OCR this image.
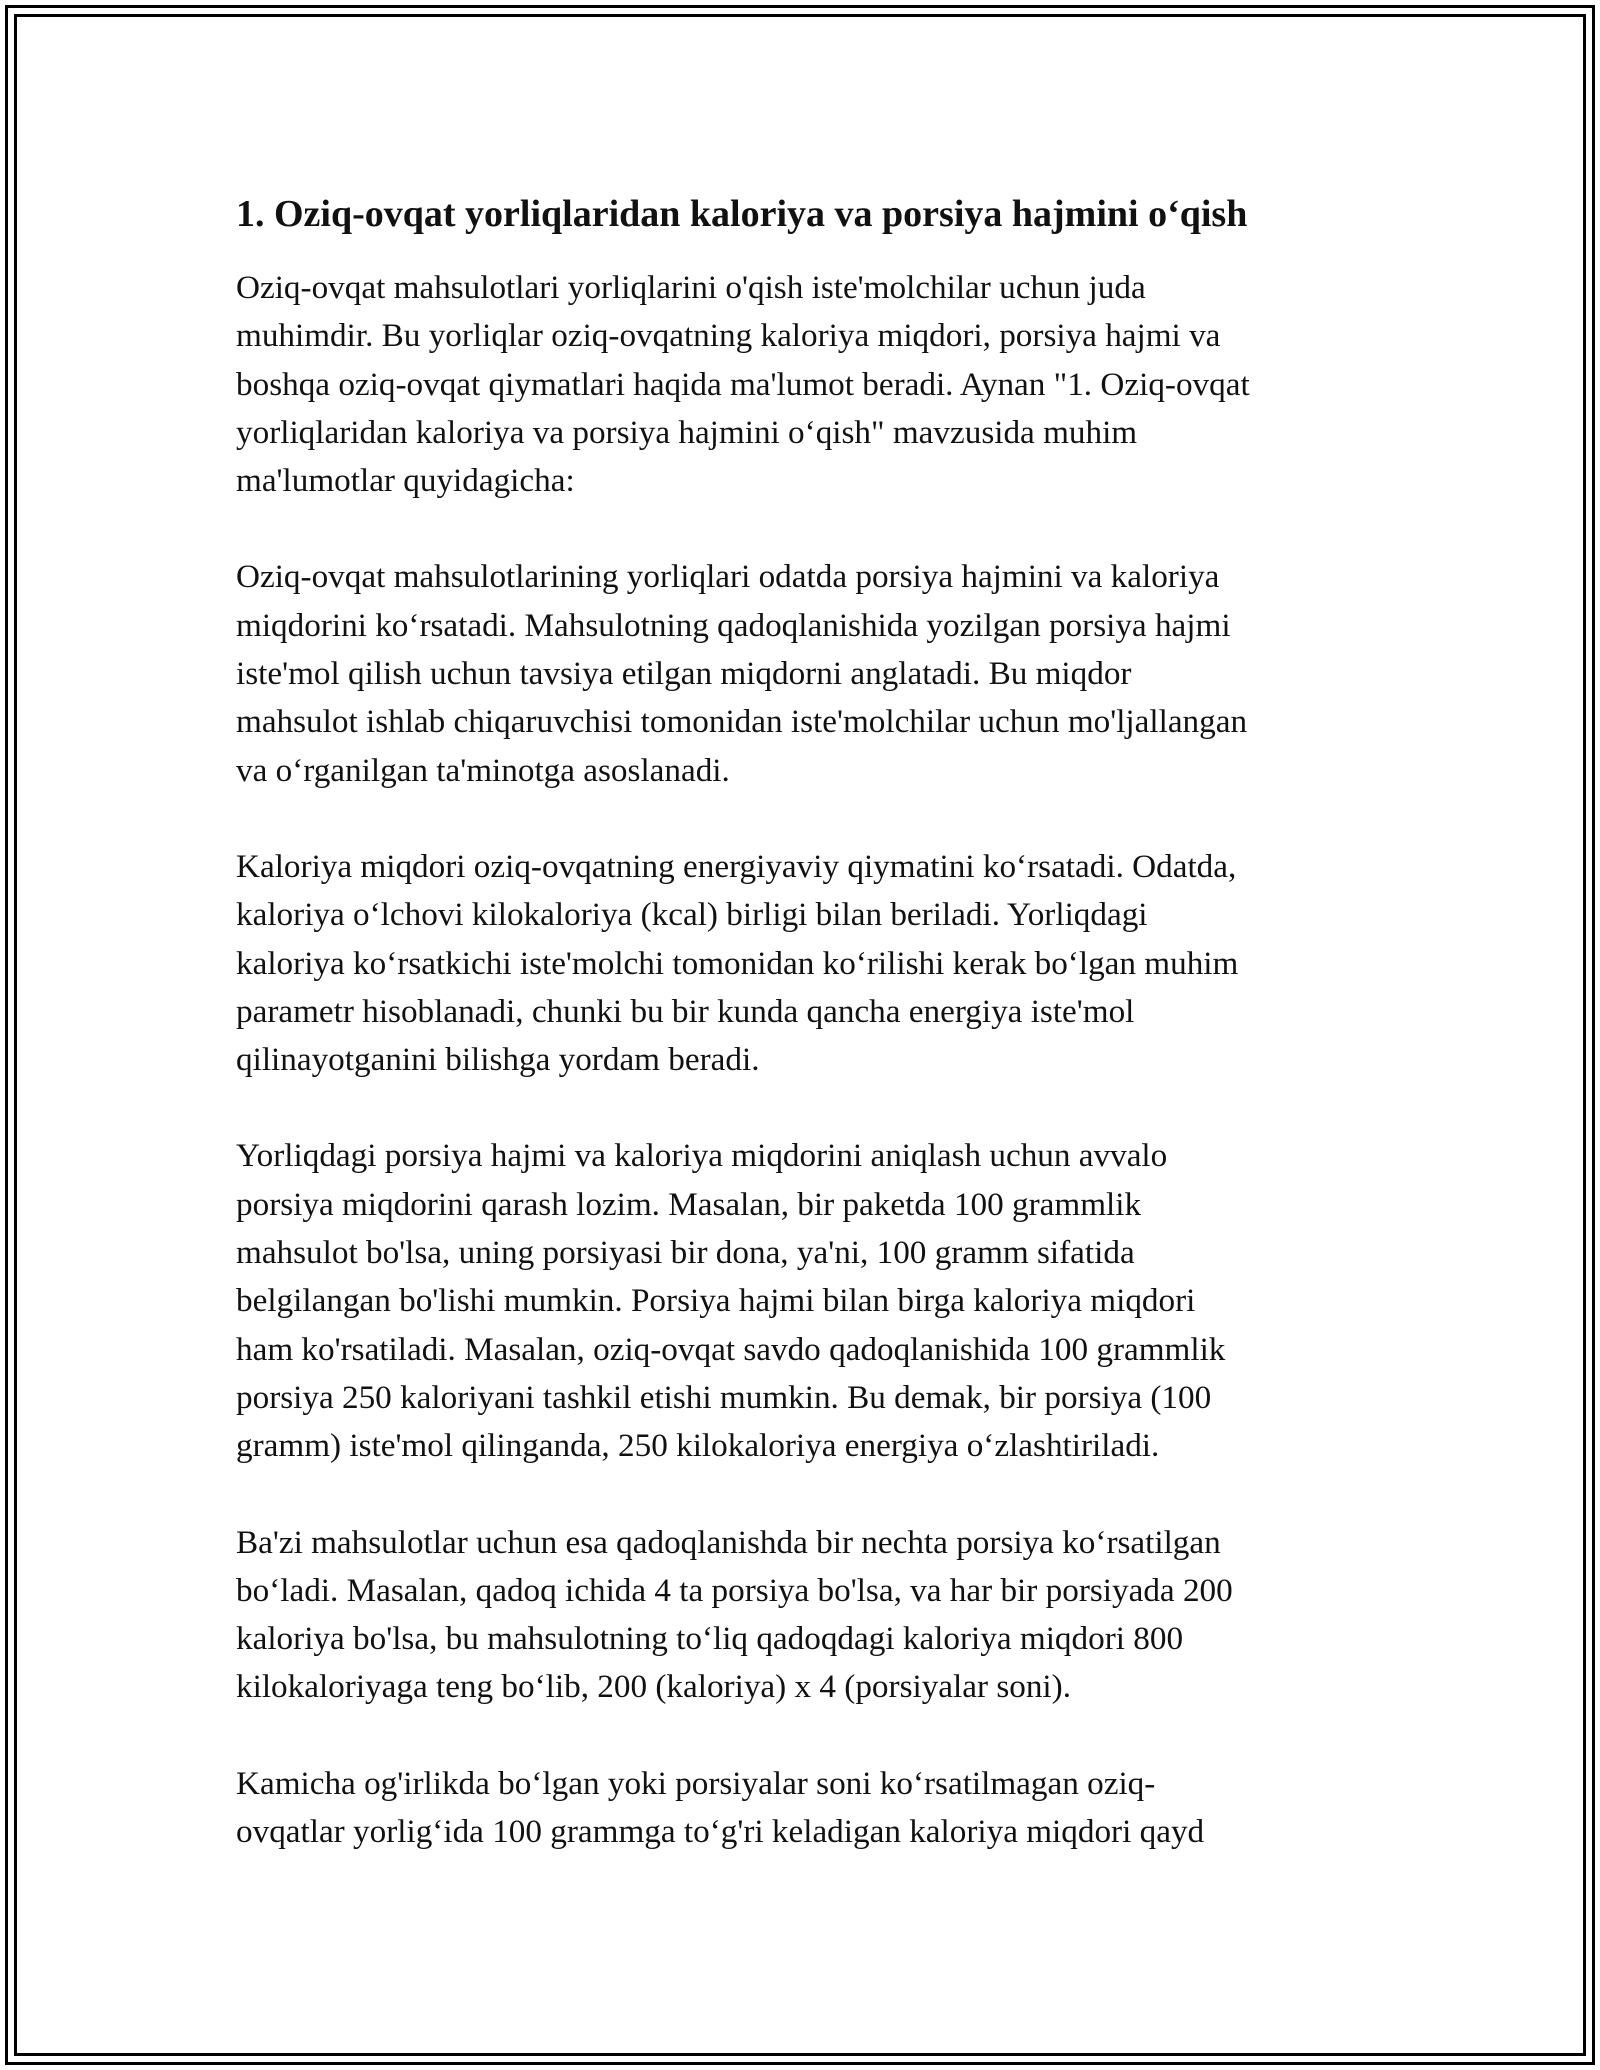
1. Oziq-ovqat yorliqlaridan kaloriya va porsiya hajmini o‘qish
Oziq-ovqat mahsulotlari yorliqlarini o'qish iste'molchilar uchun juda
muhimdir. Bu yorliqlar oziq-ovqatning kaloriya miqdori, porsiya hajmi va
boshqa oziq-ovqat qiymatlari haqida ma'lumot beradi. Aynan "1. Oziq-ovqat
yorliqlaridan kaloriya va porsiya hajmini o‘qish" mavzusida muhim
ma'lumotlar quyidagicha:
Oziq-ovqat mahsulotlarining yorliqlari odatda porsiya hajmini va kaloriya
miqdorini ko‘rsatadi. Mahsulotning qadoqlanishida yozilgan porsiya hajmi
iste'mol qilish uchun tavsiya etilgan miqdorni anglatadi. Bu miqdor
mahsulot ishlab chiqaruvchisi tomonidan iste'molchilar uchun mo'ljallangan
va o‘rganilgan ta'minotga asoslanadi.
Kaloriya miqdori oziq-ovqatning energiyaviy qiymatini ko‘rsatadi. Odatda,
kaloriya o‘lchovi kilokaloriya (kcal) birligi bilan beriladi. Yorliqdagi
kaloriya ko‘rsatkichi iste'molchi tomonidan ko‘rilishi kerak bo‘lgan muhim
parametr hisoblanadi, chunki bu bir kunda qancha energiya iste'mol
qilinayotganini bilishga yordam beradi.
Yorliqdagi porsiya hajmi va kaloriya miqdorini aniqlash uchun avvalo
porsiya miqdorini qarash lozim. Masalan, bir paketda 100 grammlik
mahsulot bo'lsa, uning porsiyasi bir dona, ya'ni, 100 gramm sifatida
belgilangan bo'lishi mumkin. Porsiya hajmi bilan birga kaloriya miqdori
ham ko'rsatiladi. Masalan, oziq-ovqat savdo qadoqlanishida 100 grammlik
porsiya 250 kaloriyani tashkil etishi mumkin. Bu demak, bir porsiya (100
gramm) iste'mol qilinganda, 250 kilokaloriya energiya o‘zlashtiriladi.
Ba'zi mahsulotlar uchun esa qadoqlanishda bir nechta porsiya ko‘rsatilgan
bo‘ladi. Masalan, qadoq ichida 4 ta porsiya bo'lsa, va har bir porsiyada 200
kaloriya bo'lsa, bu mahsulotning to‘liq qadoqdagi kaloriya miqdori 800
kilokaloriyaga teng bo‘lib, 200 (kaloriya) x 4 (porsiyalar soni).
Kamicha og'irlikda bo‘lgan yoki porsiyalar soni ko‘rsatilmagan oziq-
ovqatlar yorlig‘ida 100 grammga to‘g'ri keladigan kaloriya miqdori qayd
